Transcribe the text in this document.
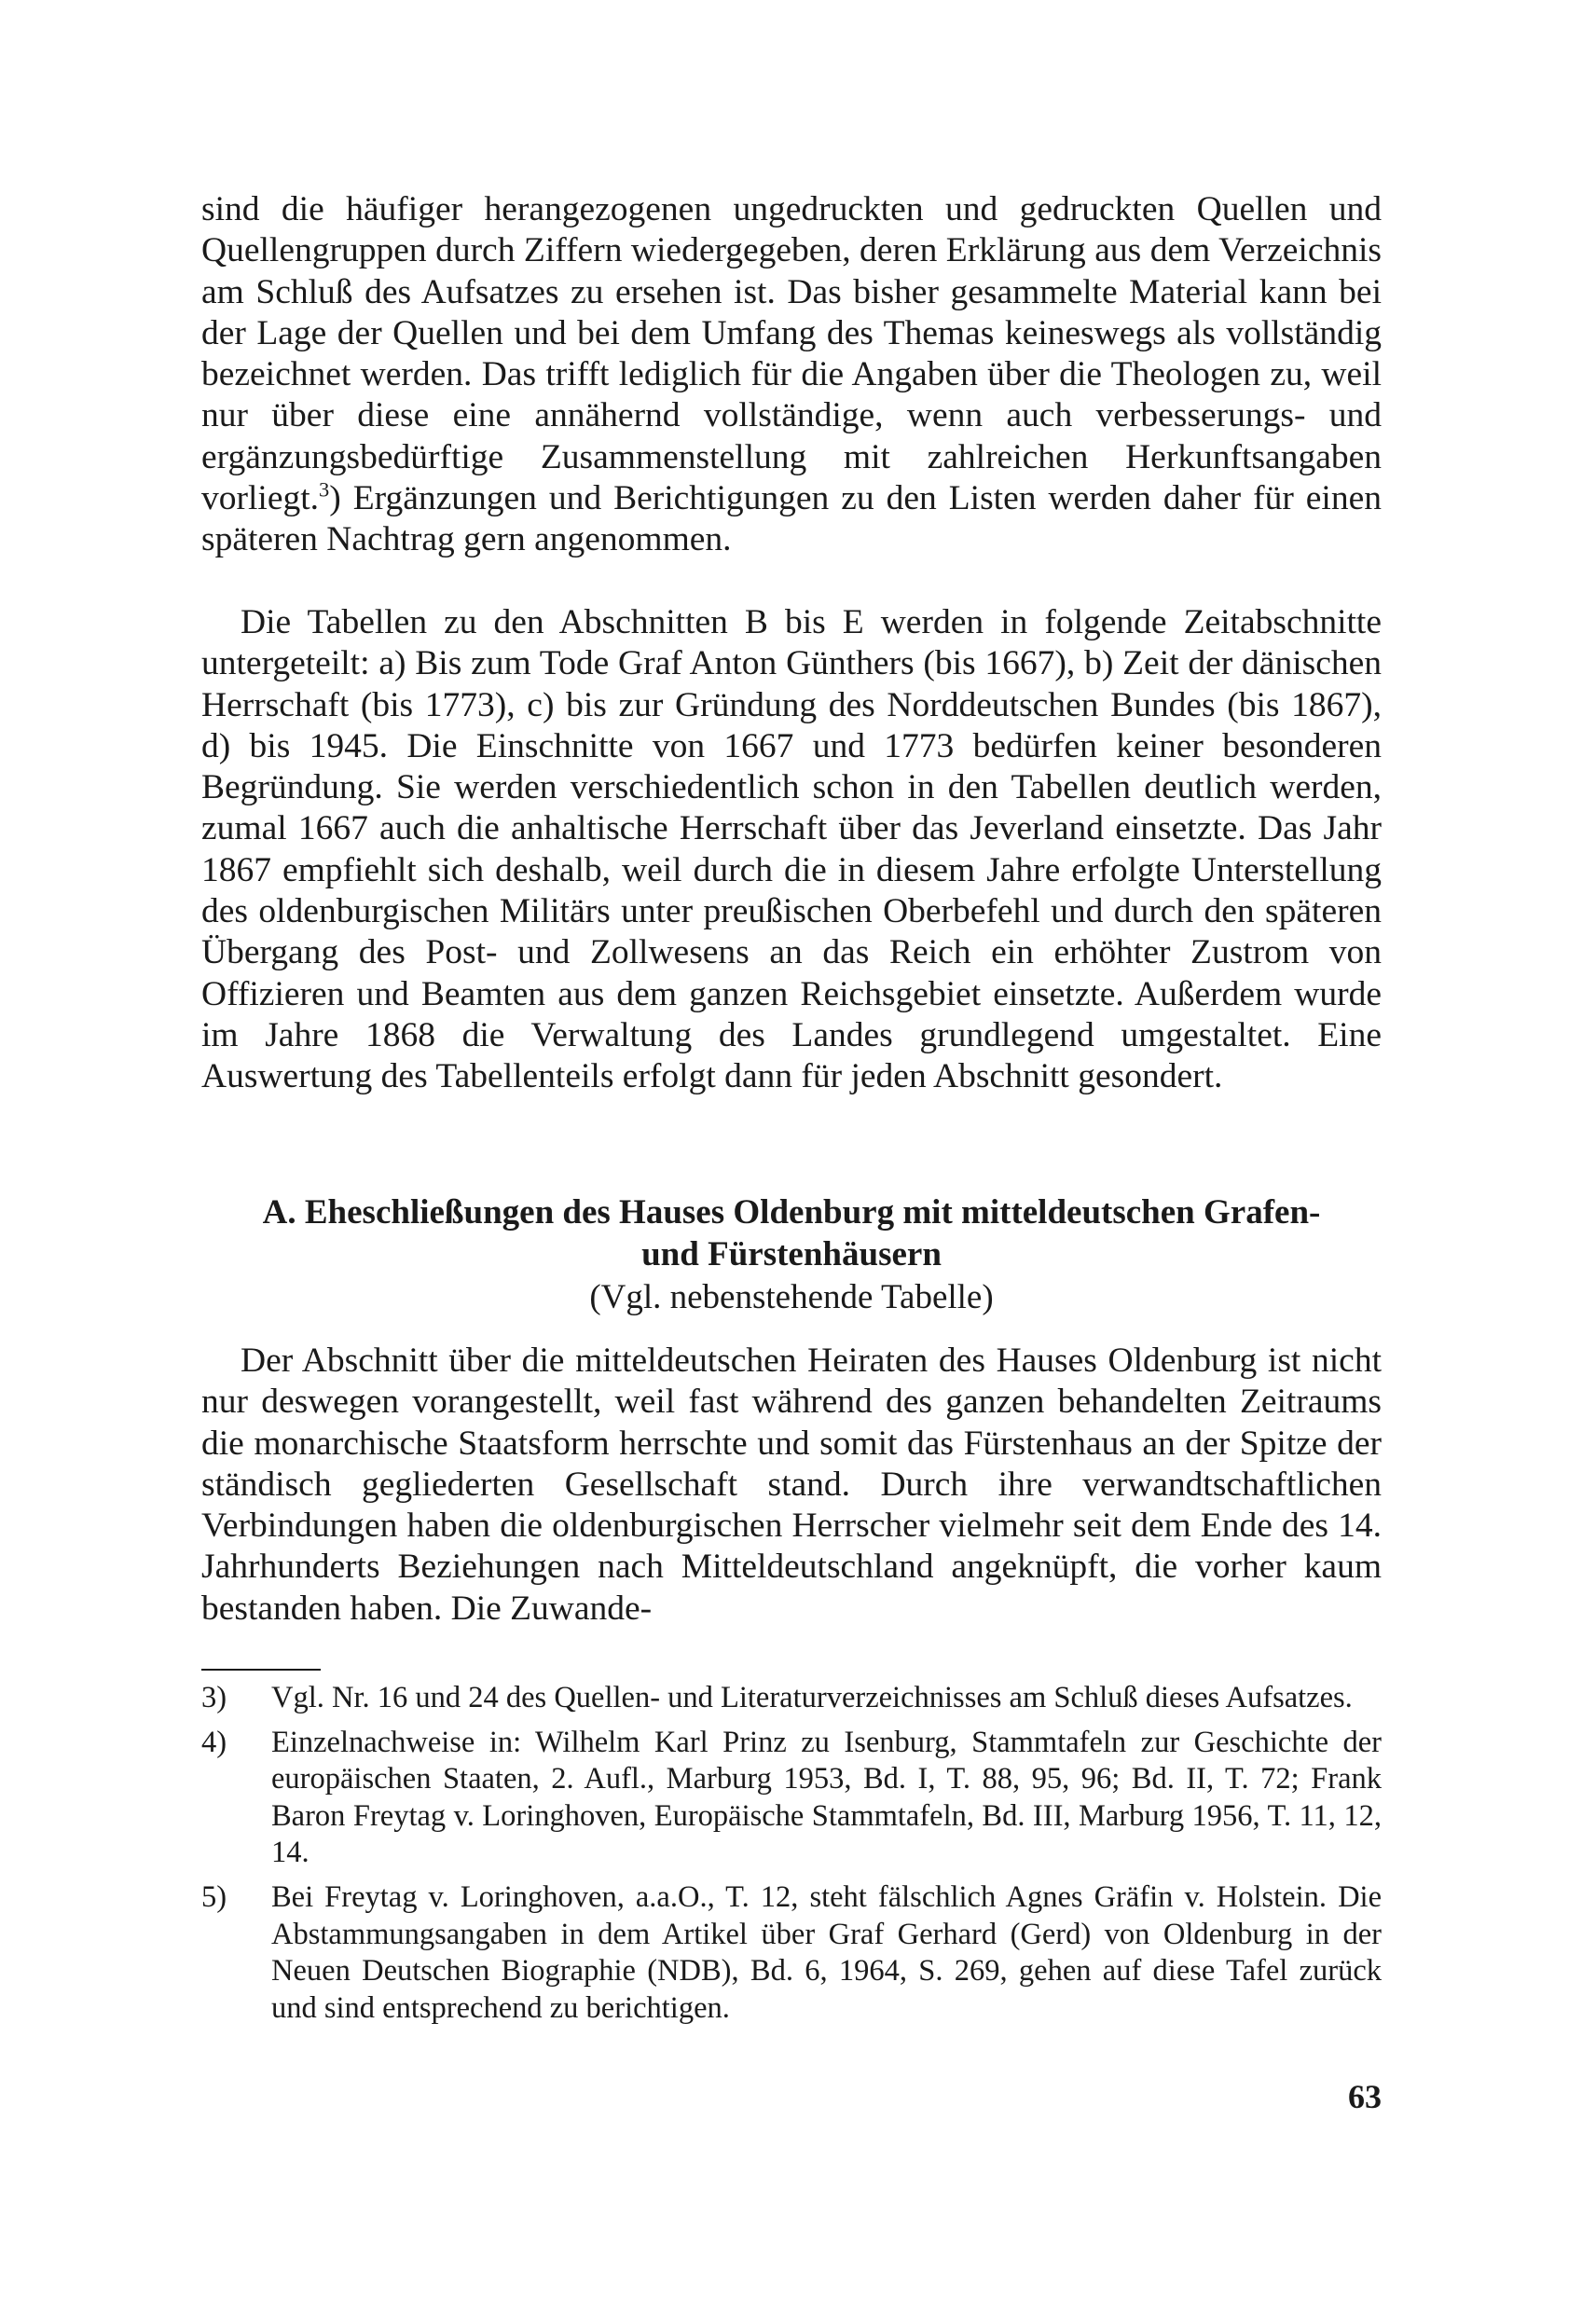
sind die häufiger herangezogenen ungedruckten und gedruckten Quellen und Quellengruppen durch Ziffern wiedergegeben, deren Erklärung aus dem Verzeichnis am Schluß des Aufsatzes zu ersehen ist. Das bisher gesammelte Material kann bei der Lage der Quellen und bei dem Umfang des Themas keineswegs als vollständig bezeichnet werden. Das trifft lediglich für die Angaben über die Theologen zu, weil nur über diese eine annähernd vollständige, wenn auch verbesserungs- und ergänzungsbedürftige Zusammenstellung mit zahlreichen Herkunftsangaben vorliegt.$^3$) Ergänzungen und Berichtigungen zu den Listen werden daher für einen späteren Nachtrag gern angenommen.

Die Tabellen zu den Abschnitten B bis E werden in folgende Zeitabschnitte untergeteilt: a) Bis zum Tode Graf Anton Günthers (bis 1667), b) Zeit der dänischen Herrschaft (bis 1773), c) bis zur Gründung des Norddeutschen Bundes (bis 1867), d) bis 1945. Die Einschnitte von 1667 und 1773 bedürfen keiner besonderen Begründung. Sie werden verschiedentlich schon in den Tabellen deutlich werden, zumal 1667 auch die anhaltische Herrschaft über das Jeverland einsetzte. Das Jahr 1867 empfiehlt sich deshalb, weil durch die in diesem Jahre erfolgte Unterstellung des oldenburgischen Militärs unter preußischen Oberbefehl und durch den späteren Übergang des Post- und Zollwesens an das Reich ein erhöhter Zustrom von Offizieren und Beamten aus dem ganzen Reichsgebiet einsetzte. Außerdem wurde im Jahre 1868 die Verwaltung des Landes grundlegend umgestaltet. Eine Auswertung des Tabellenteils erfolgt dann für jeden Abschnitt gesondert.

A. Eheschließungen des Hauses Oldenburg mit mitteldeutschen Grafen-
und Fürstenhäusern
(Vgl. nebenstehende Tabelle)

Der Abschnitt über die mitteldeutschen Heiraten des Hauses Oldenburg ist nicht nur deswegen vorangestellt, weil fast während des ganzen behandelten Zeitraums die monarchische Staatsform herrschte und somit das Fürstenhaus an der Spitze der ständisch gegliederten Gesellschaft stand. Durch ihre verwandtschaftlichen Verbindungen haben die oldenburgischen Herrscher vielmehr seit dem Ende des 14. Jahrhunderts Beziehungen nach Mitteldeutschland angeknüpft, die vorher kaum bestanden haben. Die Zuwande-

3) Vgl. Nr. 16 und 24 des Quellen- und Literaturverzeichnisses am Schluß dieses Aufsatzes.
4) Einzelnachweise in: Wilhelm Karl Prinz zu Isenburg, Stammtafeln zur Geschichte der europäischen Staaten, 2. Aufl., Marburg 1953, Bd. I, T. 88, 95, 96; Bd. II, T. 72; Frank Baron Freytag v. Loringhoven, Europäische Stammtafeln, Bd. III, Marburg 1956, T. 11, 12, 14.
5) Bei Freytag v. Loringhoven, a.a.O., T. 12, steht fälschlich Agnes Gräfin v. Holstein. Die Abstammungsangaben in dem Artikel über Graf Gerhard (Gerd) von Oldenburg in der Neuen Deutschen Biographie (NDB), Bd. 6, 1964, S. 269, gehen auf diese Tafel zurück und sind entsprechend zu berichtigen.
63
